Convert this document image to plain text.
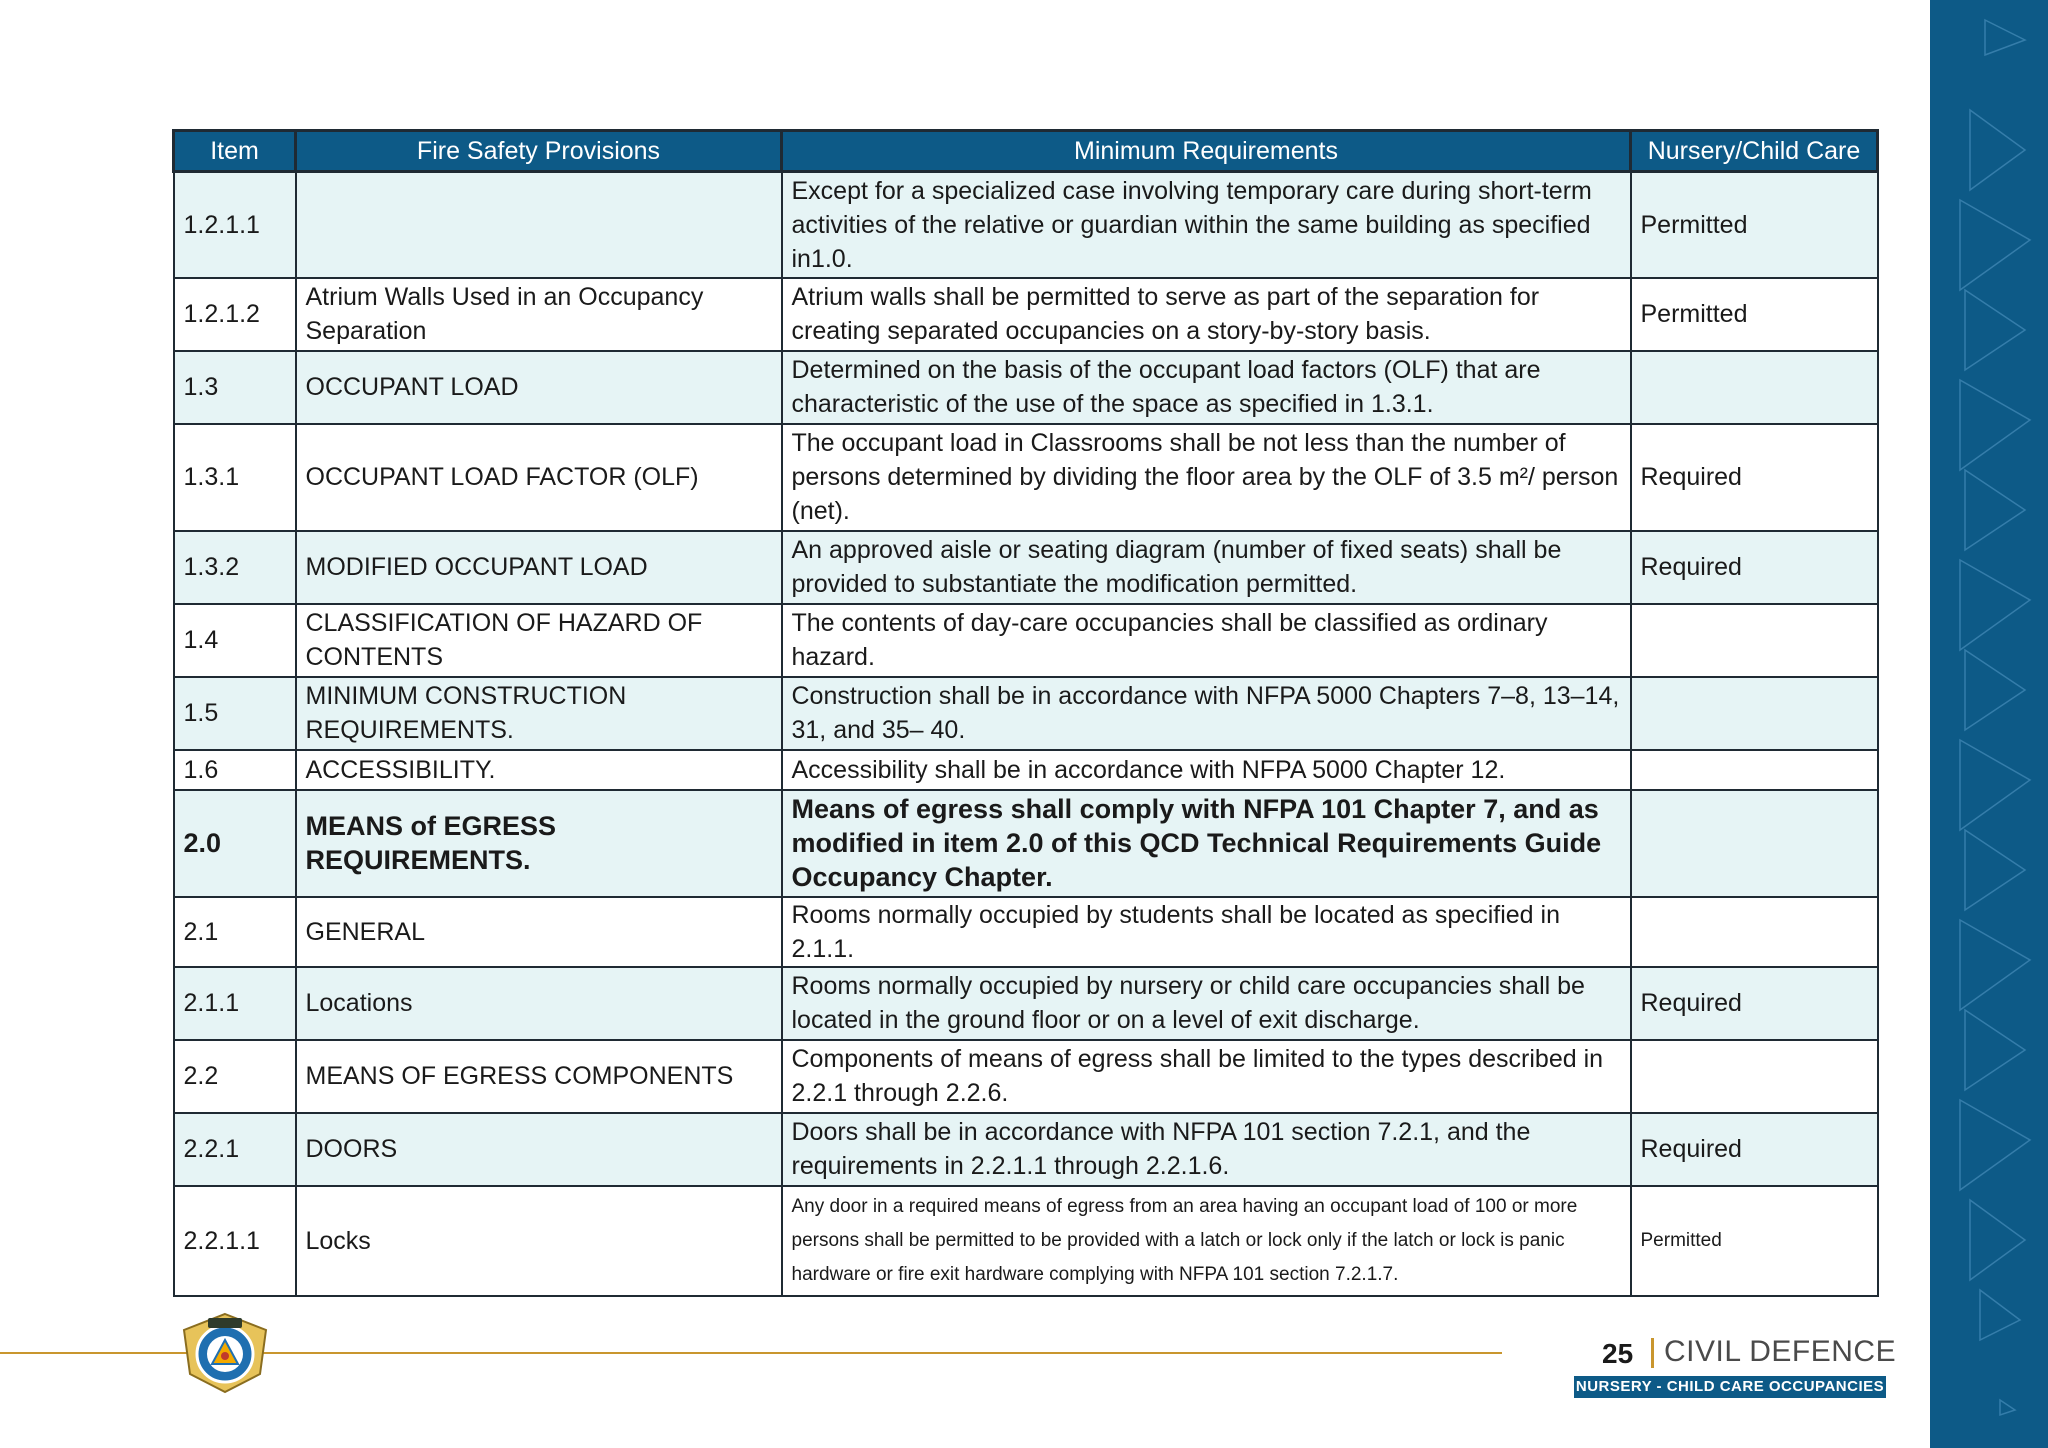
Item	Fire Safety Provisions	Minimum Requirements	Nursery/Child Care
1.2.1.1		Except for a specialized case involving temporary care during short-term activities of the relative or guardian within the same building as specified in1.0.	Permitted
1.2.1.2	Atrium Walls Used in an Occupancy Separation	Atrium walls shall be permitted to serve as part of the separation for creating separated occupancies on a story-by-story basis.	Permitted
1.3	OCCUPANT LOAD	Determined on the basis of the occupant load factors (OLF) that are characteristic of the use of the space as specified in 1.3.1.	
1.3.1	OCCUPANT LOAD FACTOR (OLF)	The occupant load in Classrooms shall be not less than the number of persons determined by dividing the floor area by the OLF of 3.5 m²/ person (net).	Required
1.3.2	MODIFIED OCCUPANT LOAD	An approved aisle or seating diagram (number of fixed seats) shall be provided to substantiate the modification permitted.	Required
1.4	CLASSIFICATION OF HAZARD OF CONTENTS	The contents of day-care occupancies shall be classified as ordinary hazard.	
1.5	MINIMUM CONSTRUCTION REQUIREMENTS.	Construction shall be in accordance with NFPA 5000 Chapters 7–8, 13–14, 31, and 35– 40.	
1.6	ACCESSIBILITY.	Accessibility shall be in accordance with NFPA 5000 Chapter 12.	
2.0	MEANS of EGRESS REQUIREMENTS.	Means of egress shall comply with NFPA 101 Chapter 7, and as modified in item 2.0 of this QCD Technical Requirements Guide Occupancy Chapter.	
2.1	GENERAL	Rooms normally occupied by students shall be located as specified in 2.1.1.	
2.1.1	Locations	Rooms normally occupied by nursery or child care occupancies shall be located in the ground floor or on a level of exit discharge.	Required
2.2	MEANS OF EGRESS COMPONENTS	Components of means of egress shall be limited to the types described in 2.2.1 through 2.2.6.	
2.2.1	DOORS	Doors shall be in accordance with NFPA 101 section 7.2.1, and the requirements in 2.2.1.1 through 2.2.1.6.	Required
2.2.1.1	Locks	Any door in a required means of egress from an area having an occupant load of 100 or more persons shall be permitted to be provided with a latch or lock only if the latch or lock is panic hardware or fire exit hardware complying with NFPA 101 section 7.2.1.7.	Permitted
25 CIVIL DEFENCE
NURSERY - CHILD CARE OCCUPANCIES
